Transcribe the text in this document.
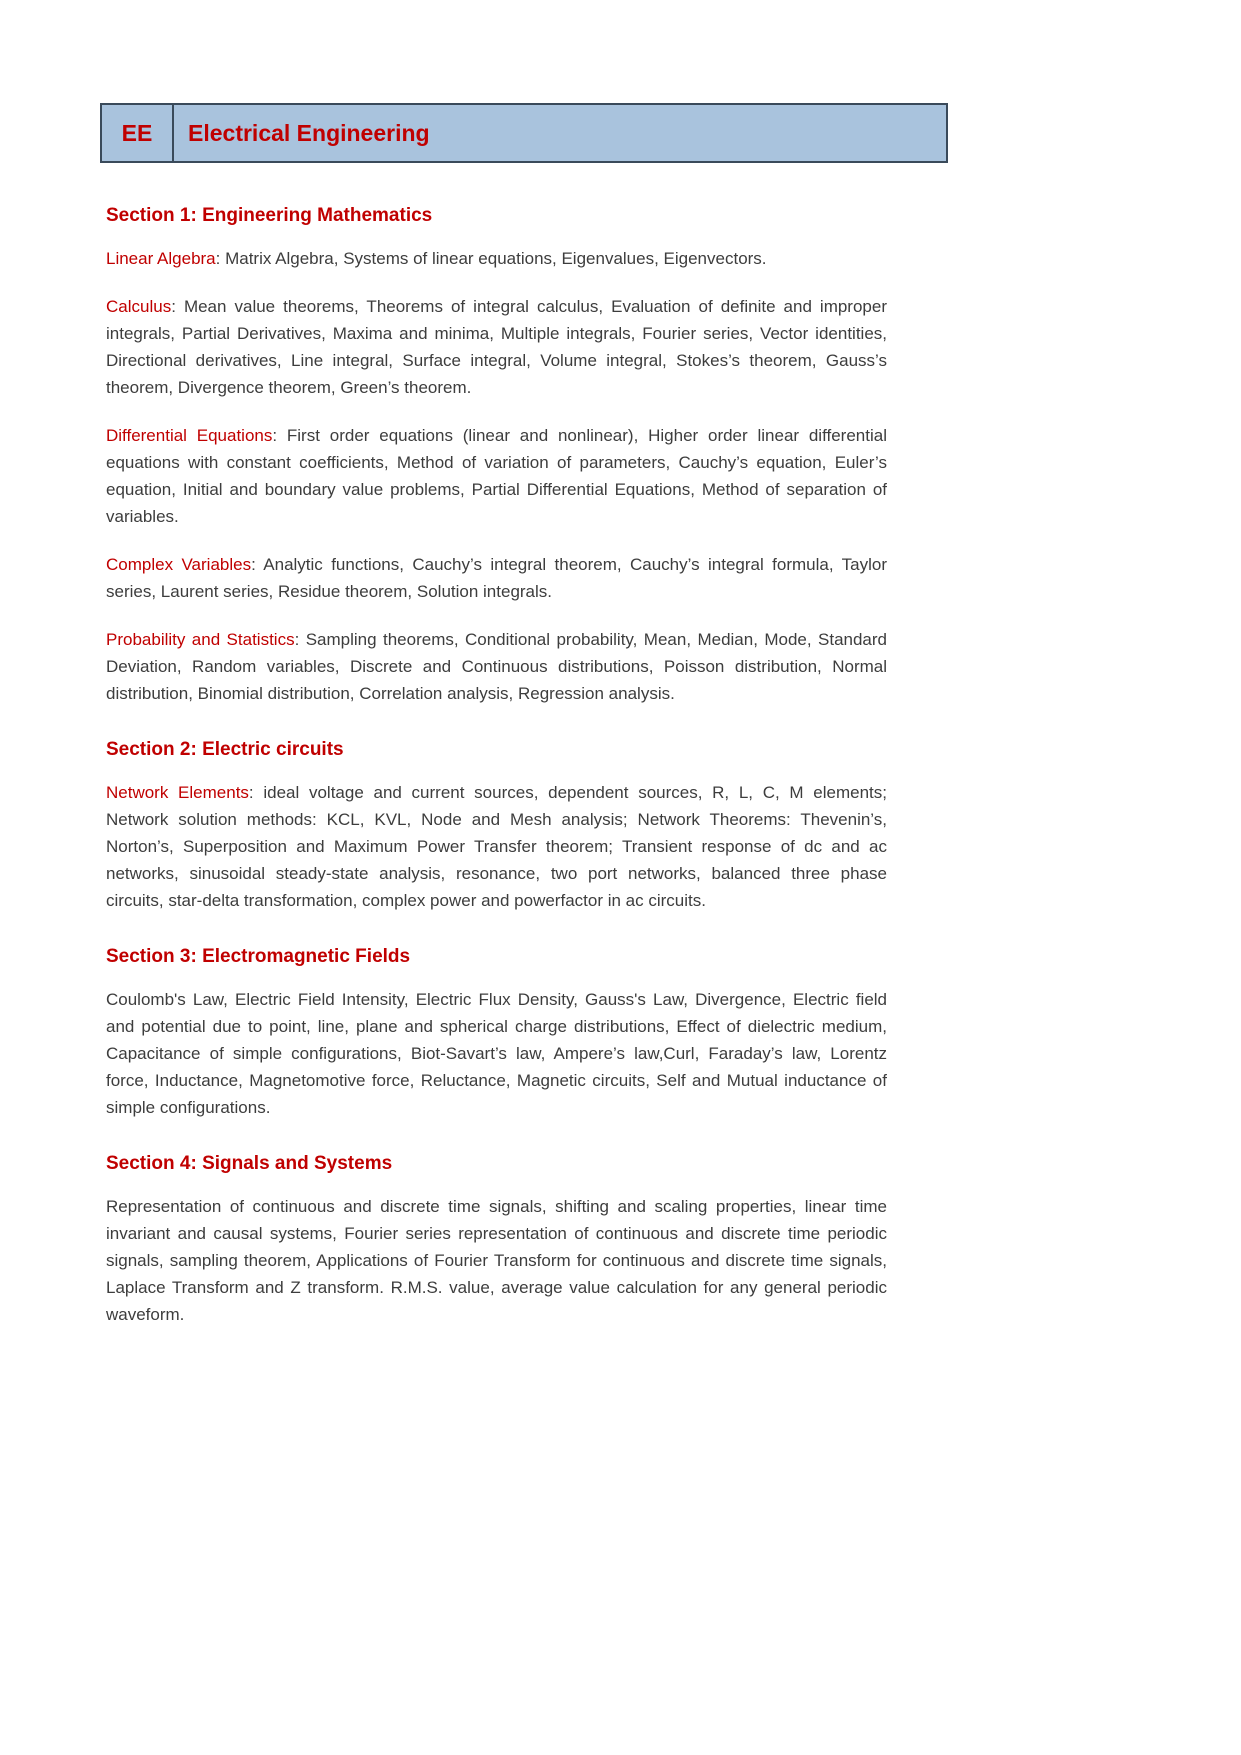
EE	Electrical Engineering
Section 1: Engineering Mathematics

Linear Algebra: Matrix Algebra, Systems of linear equations, Eigenvalues, Eigenvectors.

Calculus: Mean value theorems, Theorems of integral calculus, Evaluation of definite and improper integrals, Partial Derivatives, Maxima and minima, Multiple integrals, Fourier series, Vector identities, Directional derivatives, Line integral, Surface integral, Volume integral, Stokes’s theorem, Gauss’s theorem, Divergence theorem, Green’s theorem.

Differential Equations: First order equations (linear and nonlinear), Higher order linear differential equations with constant coefficients, Method of variation of parameters, Cauchy’s equation, Euler’s equation, Initial and boundary value problems, Partial Differential Equations, Method of separation of variables.

Complex Variables: Analytic functions, Cauchy’s integral theorem, Cauchy’s integral formula, Taylor series, Laurent series, Residue theorem, Solution integrals.

Probability and Statistics: Sampling theorems, Conditional probability, Mean, Median, Mode, Standard Deviation, Random variables, Discrete and Continuous distributions, Poisson distribution, Normal distribution, Binomial distribution, Correlation analysis, Regression analysis.

Section 2: Electric circuits

Network Elements: ideal voltage and current sources, dependent sources, R, L, C, M elements; Network solution methods: KCL, KVL, Node and Mesh analysis; Network Theorems: Thevenin’s, Norton’s, Superposition and Maximum Power Transfer theorem; Transient response of dc and ac networks, sinusoidal steady-state analysis, resonance, two port networks, balanced three phase circuits, star-delta transformation, complex power and powerfactor in ac circuits.

Section 3: Electromagnetic Fields

Coulomb's Law, Electric Field Intensity, Electric Flux Density, Gauss's Law, Divergence, Electric field and potential due to point, line, plane and spherical charge distributions, Effect of dielectric medium, Capacitance of simple configurations, Biot-Savart’s law, Ampere’s law,Curl, Faraday’s law, Lorentz force, Inductance, Magnetomotive force, Reluctance, Magnetic circuits, Self and Mutual inductance of simple configurations.

Section 4: Signals and Systems

Representation of continuous and discrete time signals, shifting and scaling properties, linear time invariant and causal systems, Fourier series representation of continuous and discrete time periodic signals, sampling theorem, Applications of Fourier Transform for continuous and discrete time signals, Laplace Transform and Z transform. R.M.S. value, average value calculation for any general periodic waveform.
